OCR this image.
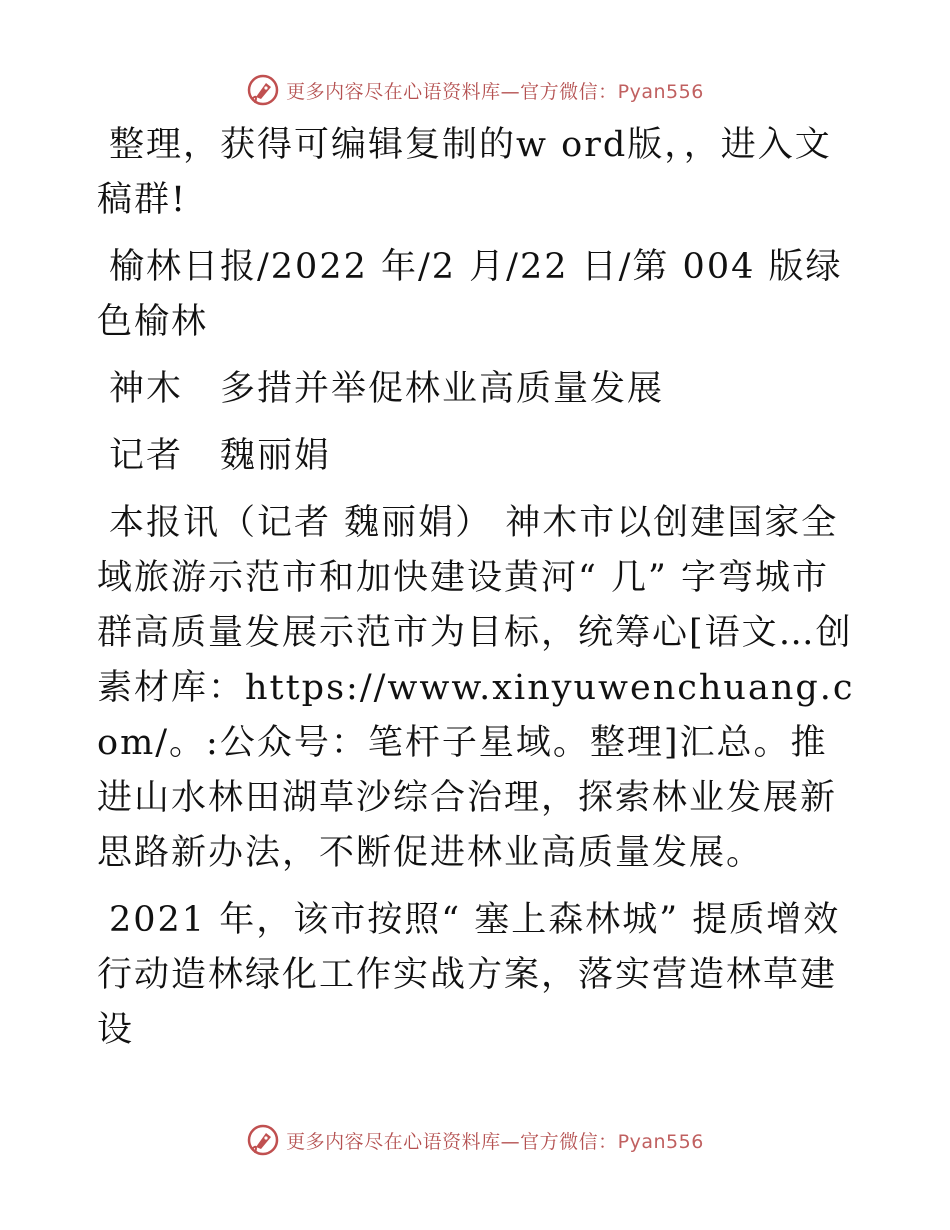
更多内容尽在心语资料库—官方微信：Pyan556

整理，获得可编辑复制的w ord版，，进入文稿群!

榆林日报/2022 年/2 月/22 日/第 004 版绿色榆林

神木　多措并举促林业高质量发展

记者　魏丽娟

本报讯（记者 魏丽娟） 神木市以创建国家全域旅游示范市和加快建设黄河“ 几” 字弯城市群高质量发展示范市为目标，统筹心[语文…创素材库：https://www.xinyuwenchuang.com/。:公众号：笔杆子星域。整理]汇总。推进山水林田湖草沙综合治理，探索林业发展新思路新办法，不断促进林业高质量发展。

2021 年，该市按照“ 塞上森林城” 提质增效行动造林绿化工作实战方案，落实营造林草建设

更多内容尽在心语资料库—官方微信：Pyan556
